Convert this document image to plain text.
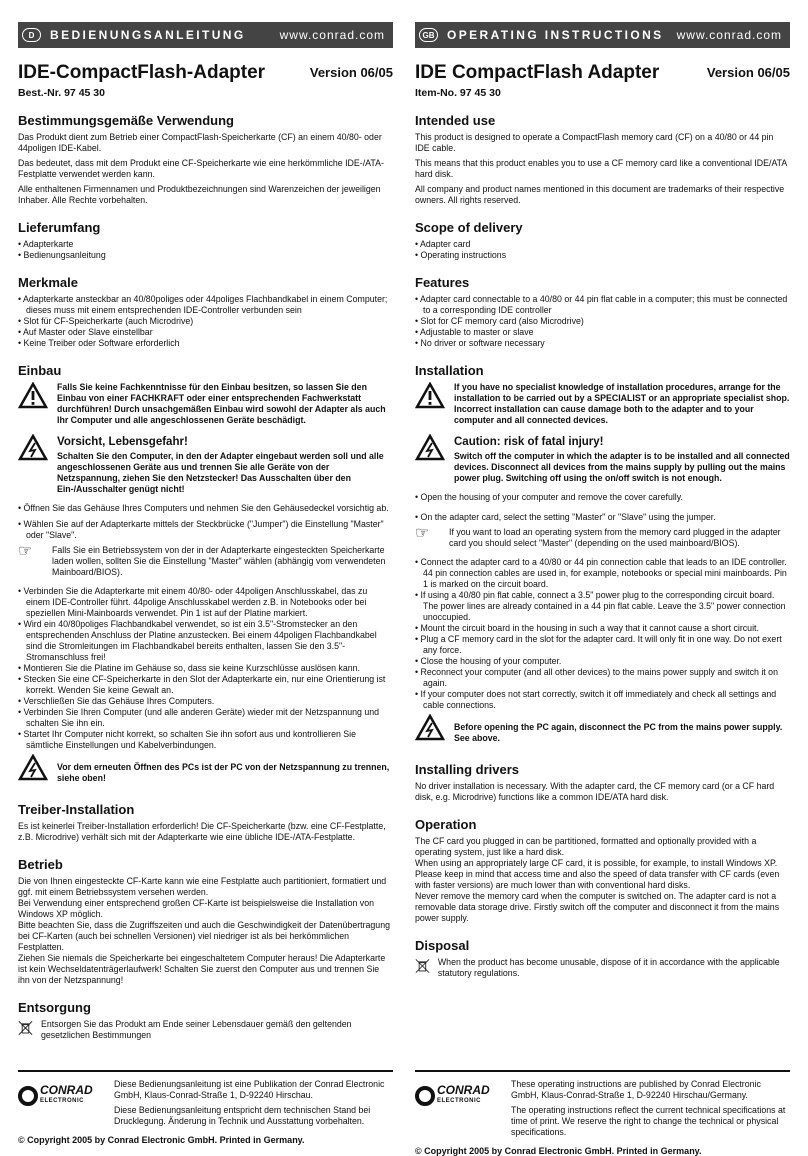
D	BEDIENUNGSANLEITUNG	www.conrad.com
IDE-CompactFlash-Adapter	Version 06/05
Best.-Nr. 97 45 30
Bestimmungsgemäße Verwendung

Das Produkt dient zum Betrieb einer CompactFlash-Speicherkarte (CF) an einem 40/80- oder 44poligen IDE-Kabel.

Das bedeutet, dass mit dem Produkt eine CF-Speicherkarte wie eine herkömmliche IDE-/ATA-Festplatte verwendet werden kann.

Alle enthaltenen Firmennamen und Produktbezeichnungen sind Warenzeichen der jeweiligen Inhaber. Alle Rechte vorbehalten.

Lieferumfang
• Adapterkarte
• Bedienungsanleitung
Merkmale
• Adapterkarte ansteckbar an 40/80poliges oder 44poliges Flachbandkabel in einem Computer; dieses muss mit einem entsprechenden IDE-Controller verbunden sein
• Slot für CF-Speicherkarte (auch Microdrive)
• Auf Master oder Slave einstellbar
• Keine Treiber oder Software erforderlich
Einbau

Falls Sie keine Fachkenntnisse für den Einbau besitzen, so lassen Sie den Einbau von einer FACHKRAFT oder einer entsprechenden Fachwerkstatt durchführen! Durch unsachgemäßen Einbau wird sowohl der Adapter als auch Ihr Computer und alle angeschlossenen Geräte beschädigt.

Vorsicht, Lebensgefahr!

Schalten Sie den Computer, in den der Adapter eingebaut werden soll und alle angeschlossenen Geräte aus und trennen Sie alle Geräte von der Netzspannung, ziehen Sie den Netzstecker! Das Ausschalten über den Ein-/Ausschalter genügt nicht!

• Öffnen Sie das Gehäuse Ihres Computers und nehmen Sie den Gehäusedeckel vorsichtig ab.
• Wählen Sie auf der Adapterkarte mittels der Steckbrücke ("Jumper") die Einstellung "Master" oder "Slave".
☞	Falls Sie ein Betriebssystem von der in der Adapterkarte eingesteckten Speicherkarte laden wollen, sollten Sie die Einstellung "Master" wählen (abhängig vom verwendeten Mainboard/BIOS).

• Verbinden Sie die Adapterkarte mit einem 40/80- oder 44poligen Anschlusskabel, das zu einem IDE-Controller führt. 44polige Anschlusskabel werden z.B. in Notebooks oder bei speziellen Mini-Mainboards verwendet. Pin 1 ist auf der Platine markiert.
• Wird ein 40/80poliges Flachbandkabel verwendet, so ist ein 3.5"-Stromstecker an den entsprechenden Anschluss der Platine anzustecken. Bei einem 44poligen Flachbandkabel sind die Stromleitungen im Flachbandkabel bereits enthalten, lassen Sie den 3.5"-Stromanschluss frei!
• Montieren Sie die Platine im Gehäuse so, dass sie keine Kurzschlüsse auslösen kann.
• Stecken Sie eine CF-Speicherkarte in den Slot der Adapterkarte ein, nur eine Orientierung ist korrekt. Wenden Sie keine Gewalt an.
• Verschließen Sie das Gehäuse Ihres Computers.
• Verbinden Sie Ihren Computer (und alle anderen Geräte) wieder mit der Netzspannung und schalten Sie ihn ein.
• Startet Ihr Computer nicht korrekt, so schalten Sie ihn sofort aus und kontrollieren Sie sämtliche Einstellungen und Kabelverbindungen.

Vor dem erneuten Öffnen des PCs ist der PC von der Netzspannung zu trennen, siehe oben!

Treiber-Installation

Es ist keinerlei Treiber-Installation erforderlich! Die CF-Speicherkarte (bzw. eine CF-Festplatte, z.B. Microdrive) verhält sich mit der Adapterkarte wie eine übliche IDE-/ATA-Festplatte.

Betrieb

Die von Ihnen eingesteckte CF-Karte kann wie eine Festplatte auch partitioniert, formatiert und ggf. mit einem Betriebssystem versehen werden.
Bei Verwendung einer entsprechend großen CF-Karte ist beispielsweise die Installation von Windows XP möglich.
Bitte beachten Sie, dass die Zugriffszeiten und auch die Geschwindigkeit der Datenübertragung bei CF-Karten (auch bei schnellen Versionen) viel niedriger ist als bei herkömmlichen Festplatten.
Ziehen Sie niemals die Speicherkarte bei eingeschaltetem Computer heraus! Die Adapterkarte ist kein Wechseldatenträgerlaufwerk! Schalten Sie zuerst den Computer aus und trennen Sie ihn von der Netzspannung!

Entsorgung

Entsorgen Sie das Produkt am Ende seiner Lebensdauer gemäß den geltenden gesetzlichen Bestimmungen

CONRAD
ELECTRONIC

Diese Bedienungsanleitung ist eine Publikation der Conrad Electronic GmbH, Klaus-Conrad-Straße 1, D-92240 Hirschau.

Diese Bedienungsanleitung entspricht dem technischen Stand bei Drucklegung. Änderung in Technik und Ausstattung vorbehalten.

© Copyright 2005 by Conrad Electronic GmbH. Printed in Germany.
GB OPERATING INSTRUCTIONS www.conrad.com
IDE CompactFlash Adapter	Version 06/05
Item-No. 97 45 30
Intended use

This product is designed to operate a CompactFlash memory card (CF) on a 40/80 or 44 pin IDE cable.

This means that this product enables you to use a CF memory card like a conventional IDE/ATA hard disk.

All company and product names mentioned in this document are trademarks of their respective owners. All rights reserved.

Scope of delivery
• Adapter card
• Operating instructions
Features
• Adapter card connectable to a 40/80 or 44 pin flat cable in a computer; this must be connected to a corresponding IDE controller
• Slot for CF memory card (also Microdrive)
• Adjustable to master or slave
• No driver or software necessary
Installation

If you have no specialist knowledge of installation procedures, arrange for the installation to be carried out by a SPECIALIST or an appropriate specialist shop. Incorrect installation can cause damage both to the adapter and to your computer and all connected devices.

Caution: risk of fatal injury!

Switch off the computer in which the adapter is to be installed and all connected devices. Disconnect all devices from the mains supply by pulling out the mains power plug. Switching off using the on/off switch is not enough.

• Open the housing of your computer and remove the cover carefully.
• On the adapter card, select the setting "Master" or "Slave" using the jumper.
☞	If you want to load an operating system from the memory card plugged in the adapter card you should select "Master" (depending on the used mainboard/BIOS).

• Connect the adapter card to a 40/80 or 44 pin connection cable that leads to an IDE controller. 44 pin connection cables are used in, for example, notebooks or special mini mainboards. Pin 1 is marked on the circuit board.
• If using a 40/80 pin flat cable, connect a 3.5" power plug to the corresponding circuit board. The power lines are already contained in a 44 pin flat cable. Leave the 3.5" power connection unoccupied.
• Mount the circuit board in the housing in such a way that it cannot cause a short circuit.
• Plug a CF memory card in the slot for the adapter card. It will only fit in one way. Do not exert any force.
• Close the housing of your computer.
• Reconnect your computer (and all other devices) to the mains power supply and switch it on again.
• If your computer does not start correctly, switch it off immediately and check all settings and cable connections.

Before opening the PC again, disconnect the PC from the mains power supply. See above.

Installing drivers

No driver installation is necessary. With the adapter card, the CF memory card (or a CF hard disk, e.g. Microdrive) functions like a common IDE/ATA hard disk.

Operation

The CF card you plugged in can be partitioned, formatted and optionally provided with a operating system, just like a hard disk.
When using an appropriately large CF card, it is possible, for example, to install Windows XP.
Please keep in mind that access time and also the speed of data transfer with CF cards (even with faster versions) are much lower than with conventional hard disks.
Never remove the memory card when the computer is switched on. The adapter card is not a removable data storage drive. Firstly switch off the computer and disconnect it from the mains power supply.

Disposal

When the product has become unusable, dispose of it in accordance with the applicable statutory regulations.

CONRAD
ELECTRONIC

These operating instructions are published by Conrad Electronic GmbH, Klaus-Conrad-Straße 1, D-92240 Hirschau/Germany.

The operating instructions reflect the current technical specifications at time of print. We reserve the right to change the technical or physical specifications.

© Copyright 2005 by Conrad Electronic GmbH. Printed in Germany.
